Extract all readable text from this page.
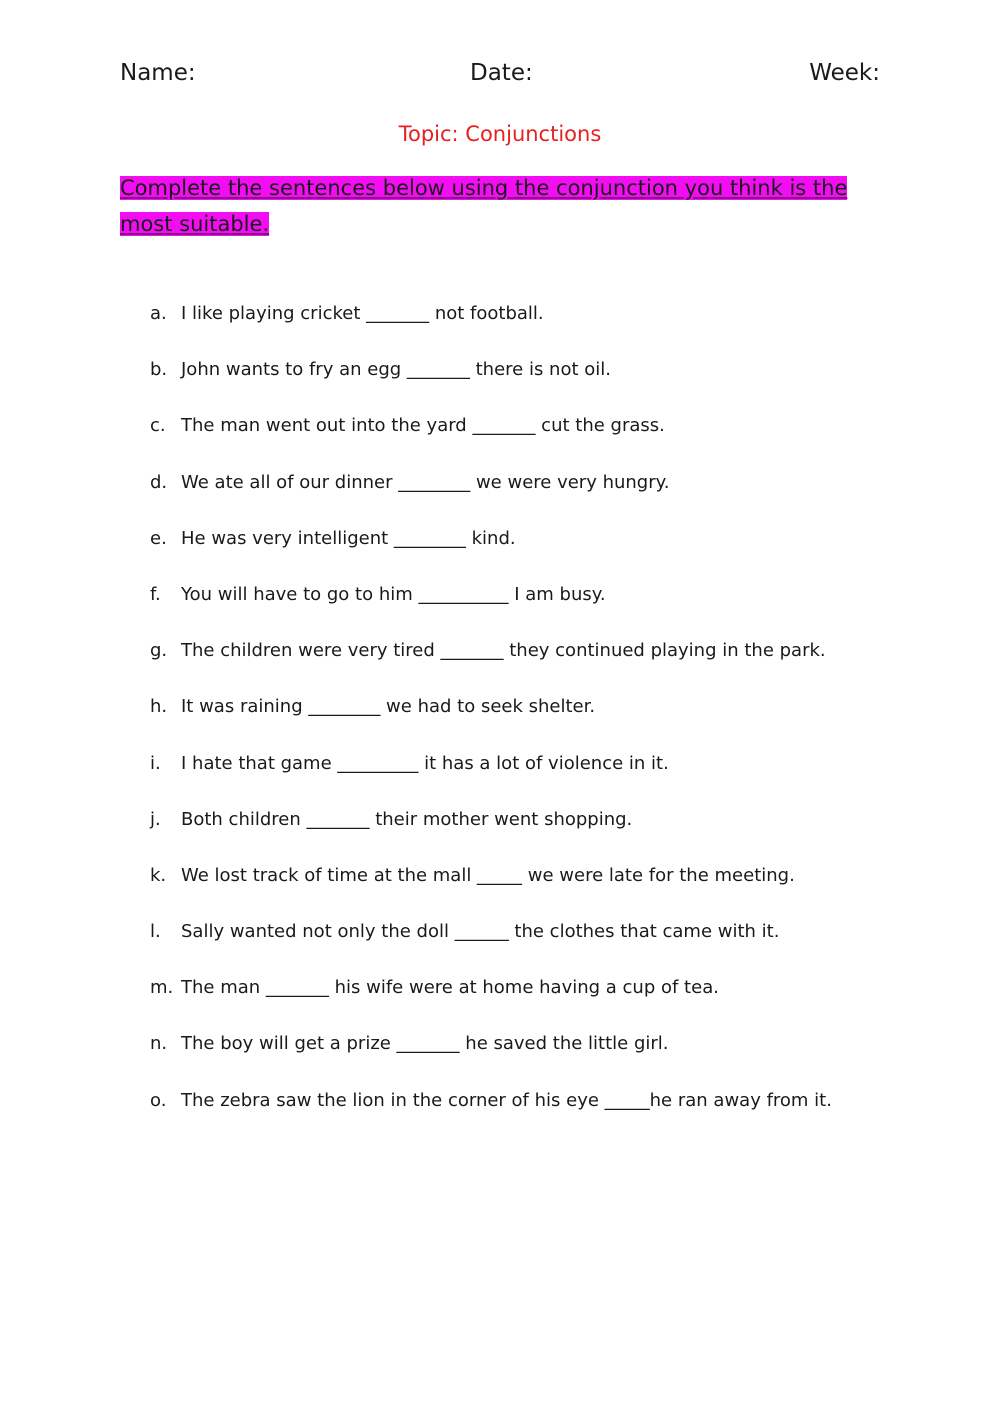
Name:	Date:	Week:
Topic: Conjunctions
Complete the sentences below using the conjunction you think is the most suitable.
a. I like playing cricket _______ not football.
b. John wants to fry an egg _______ there is not oil.
c. The man went out into the yard _______ cut the grass.
d. We ate all of our dinner ________ we were very hungry.
e. He was very intelligent ________ kind.
f. You will have to go to him __________ I am busy.
g. The children were very tired _______ they continued playing in the park.
h. It was raining ________ we had to seek shelter.
i. I hate that game _________ it has a lot of violence in it.
j. Both children _______ their mother went shopping.
k. We lost track of time at the mall _____ we were late for the meeting.
l. Sally wanted not only the doll ______ the clothes that came with it.
m. The man _______ his wife were at home having a cup of tea.
n. The boy will get a prize _______ he saved the little girl.
o. The zebra saw the lion in the corner of his eye _____he ran away from it.
